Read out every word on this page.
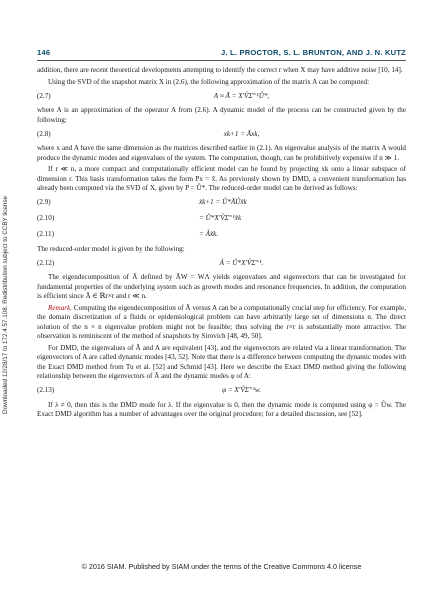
Downloaded 12/28/17 to 172.4.57.108. Redistribution subject to CCBY license
146	J. L. PROCTOR, S. L. BRUNTON, AND J. N. KUTZ

addition, there are recent theoretical developments attempting to identify the correct r when X may have additive noise [10, 14].

Using the SVD of the snapshot matrix X in (2.6), the following approximation of the matrix A can be computed:

(2.7)	A ≈ Ā = X′ṼΣ̃⁻¹Û*,

where A is an approximation of the operator A from (2.6). A dynamic model of the process can be constructed given by the following:

(2.8)	xk+1 = Āxk,

where x and A have the same dimension as the matrices described earlier in (2.1). An eigenvalue analysis of the matrix A would produce the dynamic modes and eigenvalues of the system. The computation, though, can be prohibitively expensive if n ≫ 1.

If r ≪ n, a more compact and computationally efficient model can be found by projecting xk onto a linear subspace of dimension r. This basis transformation takes the form Px = x̃. As previously shown by DMD, a convenient transformation has already been computed via the SVD of X, given by P = Û*. The reduced-order model can be derived as follows:

(2.9)	x̃k+1 = Û*ĀÛx̃k
(2.10)	= Û*X′ṼΣ̃⁻¹x̃k
(2.11)	= Ãx̃k.

The reduced-order model is given by the following:

(2.12)	Ã = Û*X′ṼΣ̃⁻¹.

The eigendecomposition of Ã defined by ÃW = WΛ yields eigenvalues and eigenvectors that can be investigated for fundamental properties of the underlying system such as growth modes and resonance frequencies. In addition, the computation is efficient since Ã ∈ ℝr×r and r ≪ n.

Remark. Computing the eigendecomposition of Ã versus A can be a computationally crucial step for efficiency. For example, the domain discretization of a fluids or epidemiological problem can have arbitrarily large set of dimensions n. The direct solution of the n × n eigenvalue problem might not be feasible; thus solving the r×r is substantially more attractive. The observation is reminiscent of the method of snapshots by Sirovich [48, 49, 50].

For DMD, the eigenvalues of Ã and A are equivalent [43], and the eigenvectors are related via a linear transformation. The eigenvectors of A are called dynamic modes [43, 52]. Note that there is a difference between computing the dynamic modes with the Exact DMD method from Tu et al. [52] and Schmid [43]. Here we describe the Exact DMD method giving the following relationship between the eigenvectors of Ã and the dynamic modes φ of A:

(2.13)	φ = X′ṼΣ̃⁻¹w.

If λ ≠ 0, then this is the DMD mode for λ. If the eigenvalue is 0, then the dynamic mode is computed using φ = Ûw. The Exact DMD algorithm has a number of advantages over the original procedure; for a detailed discussion, see [52].

© 2016 SIAM. Published by SIAM under the terms of the Creative Commons 4.0 license
